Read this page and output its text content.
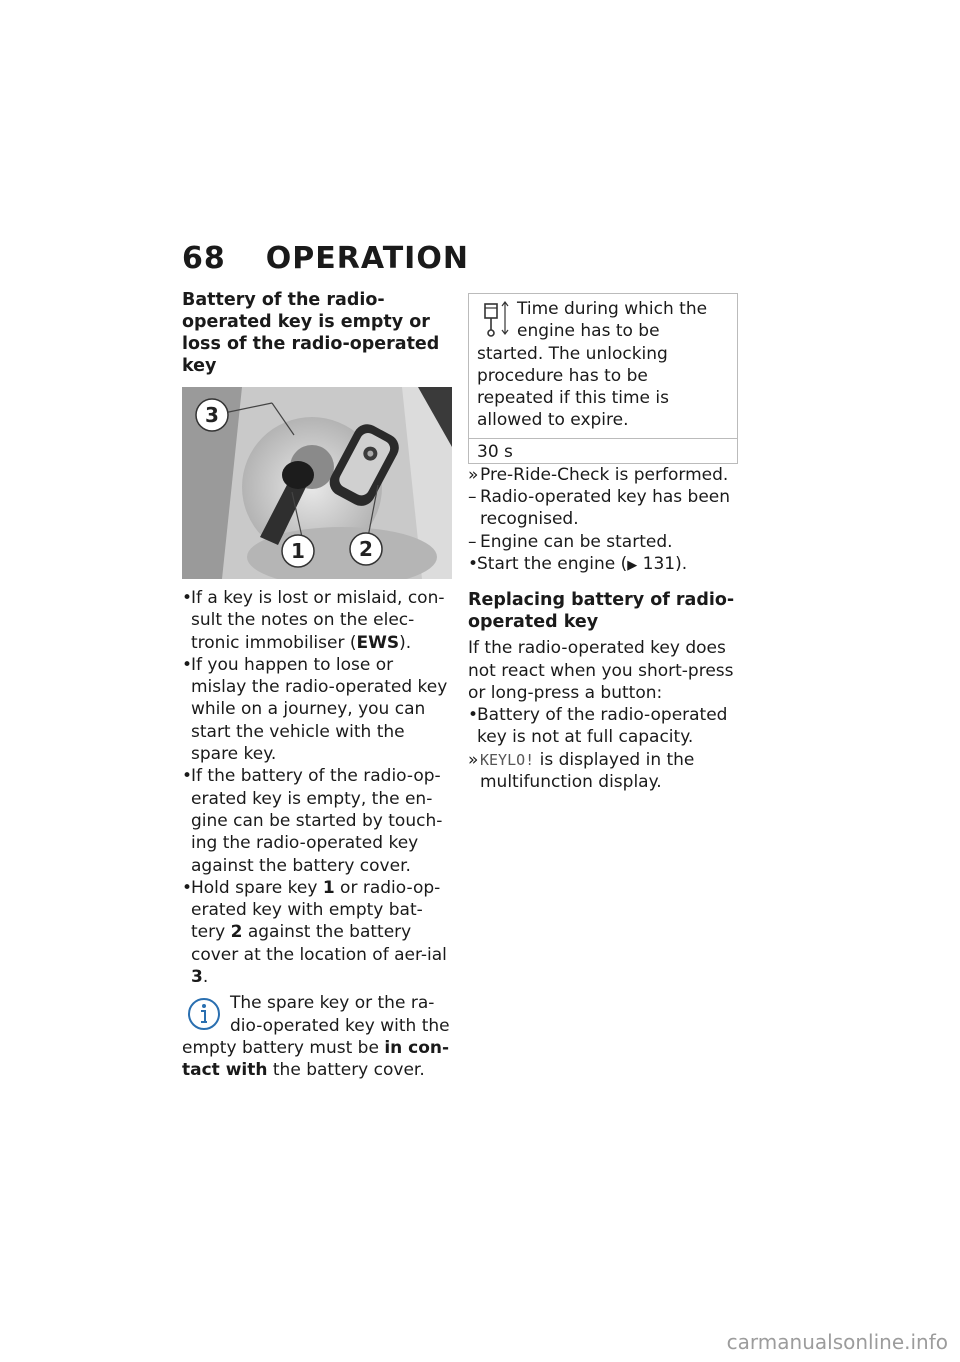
68 OPERATION
Battery of the radio-operated key is empty or loss of the radio-operated key
3
1	2
•
If a key is lost or mislaid, con-sult the notes on the elec-tronic immobiliser (EWS).
•
If you happen to lose or mislay the radio-operated key while on a journey, you can start the vehicle with the spare key.
•
If the battery of the radio-op-erated key is empty, the en-gine can be started by touch-ing the radio-operated key against the battery cover.
•
Hold spare key 1 or radio-op-erated key with empty bat-tery 2 against the battery cover at the location of aer-ial 3.
The spare key or the ra-dio-operated key with the empty battery must be in con-tact with the battery cover.
Time during which the engine has to be started. The unlocking procedure has to be repeated if this time is allowed to expire.
30 s
» Pre-Ride-Check is performed.
– Radio-operated key has been recognised.
– Engine can be started.
•
Start the engine (▶ 131).
Replacing battery of radio-operated key

If the radio-operated key does not react when you short-press or long-press a button:

•
Battery of the radio-operated key is not at full capacity.
» KEYLO! is displayed in the multifunction display.
carmanualsonline.info
